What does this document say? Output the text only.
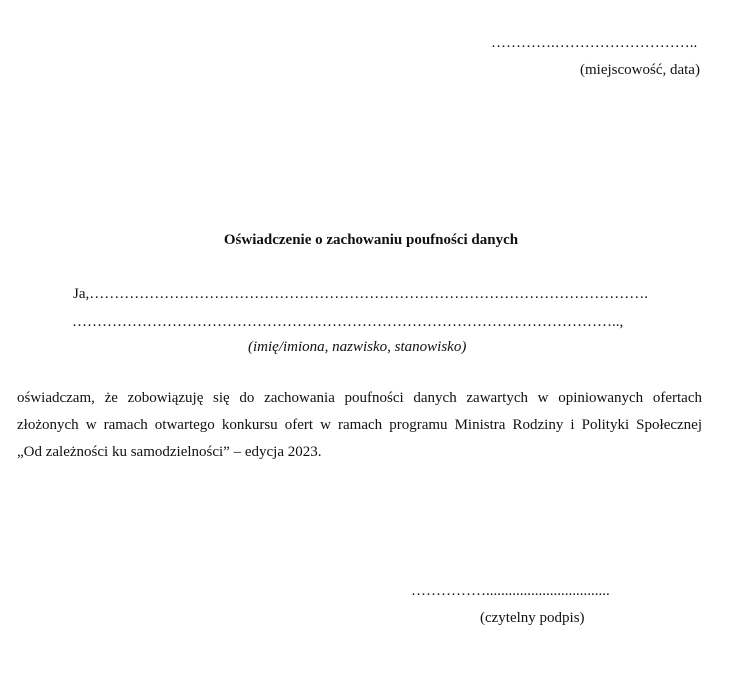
………….………………………..
(miejscowość, data)
Oświadczenie o zachowaniu poufności danych
Ja,………………………………………………………………………………………………….
………………………………………………………………………………………………..,
(imię/imiona, nazwisko, stanowisko)
oświadczam, że zobowiązuję się do zachowania poufności danych zawartych w opiniowanych ofertach
złożonych w ramach otwartego konkursu ofert w ramach programu Ministra Rodziny i Polityki Społecznej
„Od zależności ku samodzielności” – edycja 2023.
…………….................................
(czytelny podpis)
